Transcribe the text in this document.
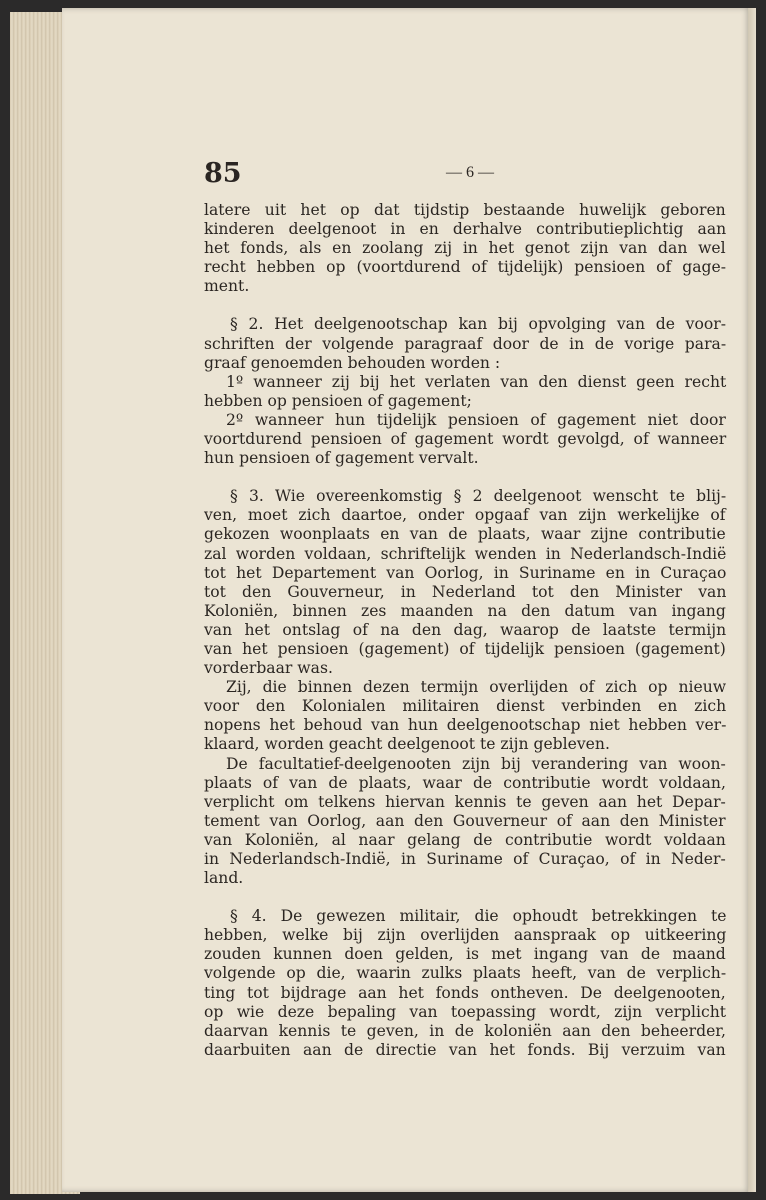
85	— 6 —
latere uit het op dat tijdstip bestaande huwelijk geboren
kinderen deelgenoot in en derhalve contributieplichtig aan
het fonds, als en zoolang zij in het genot zijn van dan wel
recht hebben op (voortdurend of tijdelijk) pensioen of gage-
ment.
§ 2. Het deelgenootschap kan bij opvolging van de voor-
schriften der volgende paragraaf door de in de vorige para-
graaf genoemden behouden worden :
1º wanneer zij bij het verlaten van den dienst geen recht
hebben op pensioen of gagement;
2º wanneer hun tijdelijk pensioen of gagement niet door
voortdurend pensioen of gagement wordt gevolgd, of wanneer
hun pensioen of gagement vervalt.
§ 3. Wie overeenkomstig § 2 deelgenoot wenscht te blij-
ven, moet zich daartoe, onder opgaaf van zijn werkelijke of
gekozen woonplaats en van de plaats, waar zijne contributie
zal worden voldaan, schriftelijk wenden in Nederlandsch-Indië
tot het Departement van Oorlog, in Suriname en in Curaçao
tot den Gouverneur, in Nederland tot den Minister van
Koloniën, binnen zes maanden na den datum van ingang
van het ontslag of na den dag, waarop de laatste termijn
van het pensioen (gagement) of tijdelijk pensioen (gagement)
vorderbaar was.
Zij, die binnen dezen termijn overlijden of zich op nieuw
voor den Kolonialen militairen dienst verbinden en zich
nopens het behoud van hun deelgenootschap niet hebben ver-
klaard, worden geacht deelgenoot te zijn gebleven.
De facultatief-deelgenooten zijn bij verandering van woon-
plaats of van de plaats, waar de contributie wordt voldaan,
verplicht om telkens hiervan kennis te geven aan het Depar-
tement van Oorlog, aan den Gouverneur of aan den Minister
van Koloniën, al naar gelang de contributie wordt voldaan
in Nederlandsch-Indië, in Suriname of Curaçao, of in Neder-
land.
§ 4. De gewezen militair, die ophoudt betrekkingen te
hebben, welke bij zijn overlijden aanspraak op uitkeering
zouden kunnen doen gelden, is met ingang van de maand
volgende op die, waarin zulks plaats heeft, van de verplich-
ting tot bijdrage aan het fonds ontheven. De deelgenooten,
op wie deze bepaling van toepassing wordt, zijn verplicht
daarvan kennis te geven, in de koloniën aan den beheerder,
daarbuiten aan de directie van het fonds. Bij verzuim van
